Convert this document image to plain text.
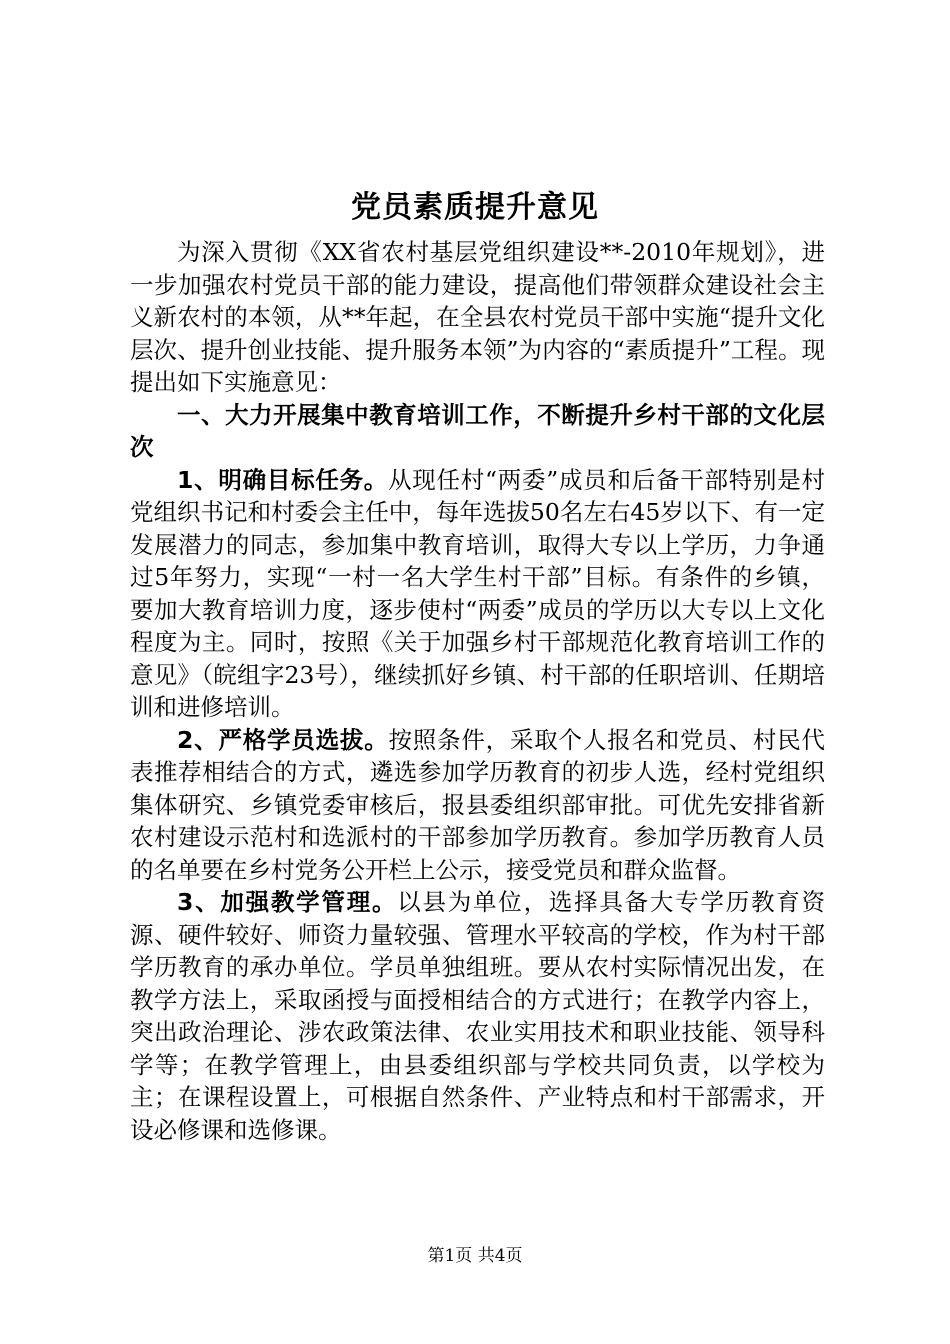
党员素质提升意见

为深入贯彻《XX省农村基层党组织建设**-2010年规划》，进一步加强农村党员干部的能力建设，提高他们带领群众建设社会主义新农村的本领，从**年起，在全县农村党员干部中实施“提升文化层次、提升创业技能、提升服务本领”为内容的“素质提升”工程。现提出如下实施意见：

一、大力开展集中教育培训工作，不断提升乡村干部的文化层次

1、明确目标任务。从现任村“两委”成员和后备干部特别是村党组织书记和村委会主任中，每年选拔50名左右45岁以下、有一定发展潜力的同志，参加集中教育培训，取得大专以上学历，力争通过5年努力，实现“一村一名大学生村干部”目标。有条件的乡镇，要加大教育培训力度，逐步使村“两委”成员的学历以大专以上文化程度为主。同时，按照《关于加强乡村干部规范化教育培训工作的意见》（皖组字23号），继续抓好乡镇、村干部的任职培训、任期培训和进修培训。

2、严格学员选拔。按照条件，采取个人报名和党员、村民代表推荐相结合的方式，遴选参加学历教育的初步人选，经村党组织集体研究、乡镇党委审核后，报县委组织部审批。可优先安排省新农村建设示范村和选派村的干部参加学历教育。参加学历教育人员的名单要在乡村党务公开栏上公示，接受党员和群众监督。

3、加强教学管理。以县为单位，选择具备大专学历教育资源、硬件较好、师资力量较强、管理水平较高的学校，作为村干部学历教育的承办单位。学员单独组班。要从农村实际情况出发，在教学方法上，采取函授与面授相结合的方式进行；在教学内容上，突出政治理论、涉农政策法律、农业实用技术和职业技能、领导科学等；在教学管理上，由县委组织部与学校共同负责，以学校为主；在课程设置上，可根据自然条件、产业特点和村干部需求，开设必修课和选修课。

第1页 共4页
